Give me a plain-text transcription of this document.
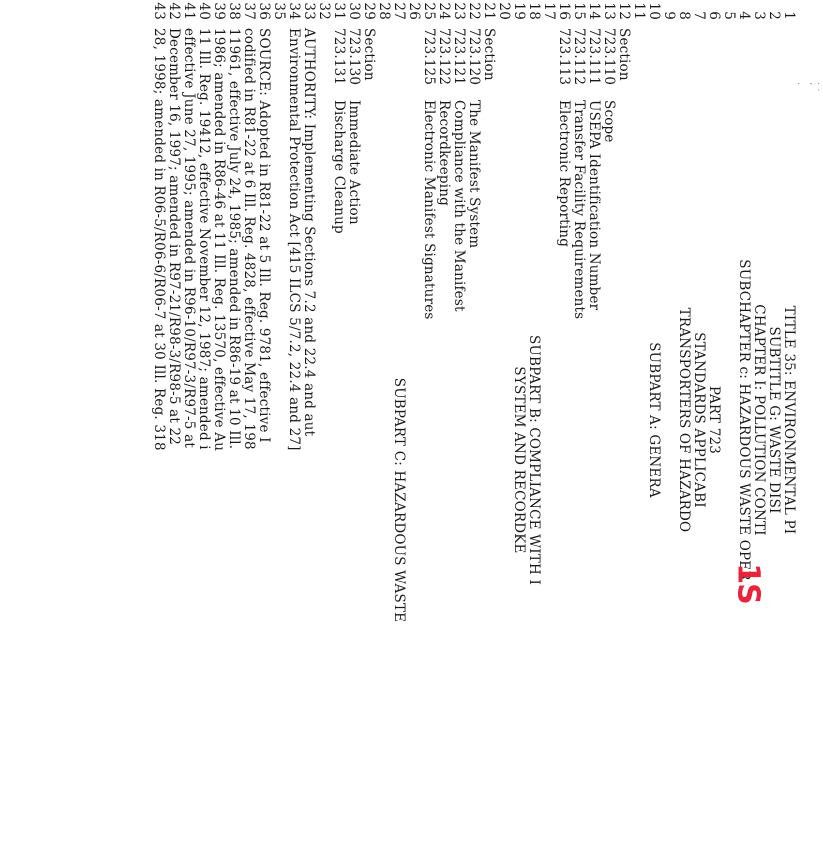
1
TITLE 35: ENVIRONMENTAL PI
2
SUBTITLE G: WASTE DISI
3
CHAPTER I: POLLUTION CONTI
4
SUBCHAPTER c: HAZARDOUS WASTE OPER
5
6
PART 723
7
STANDARDS APPLICABI
8
TRANSPORTERS OF HAZARDO
9
10
SUBPART A: GENERA
11
12
Section
13
723.110
Scope
14
723.111
USEPA Identification Number
15
723.112
Transfer Facility Requirements
16
723.113
Electronic Reporting
17
18
SUBPART B: COMPLIANCE WITH I
19
SYSTEM AND RECORDKE
20
21
Section
22
723.120
The Manifest System
23
723.121
Compliance with the Manifest
24
723.122
Recordkeeping
25
723.125
Electronic Manifest Signatures
26
27
SUBPART C: HAZARDOUS WASTE
28
29
Section
30
723.130
Immediate Action
31
723.131
Discharge Cleanup
32
33
AUTHORITY: Implementing Sections 7.2 and 22.4 and aut
34
Environmental Protection Act [415 ILCS 5/7.2, 22.4 and 27]
35
36
SOURCE: Adopted in R81-22 at 5 Ill. Reg. 9781, effective I
37
codified in R81-22 at 6 Ill. Reg. 4828, effective May 17, 198
38
11961, effective July 24, 1985; amended in R86-19 at 10 Ill.
39
1986; amended in R86-46 at 11 Ill. Reg. 13570, effective Au
40
11 Ill. Reg. 19412, effective November 12, 1987; amended i
41
effective June 27, 1995; amended in R96-10/R97-3/R97-5 at
42
December 16, 1997; amended in R97-21/R98-3/R98-5 at 22
43
28, 1998; amended in R06-5/R06-6/R06-7 at 30 Ill. Reg. 318
1S
· ·
‘
·
